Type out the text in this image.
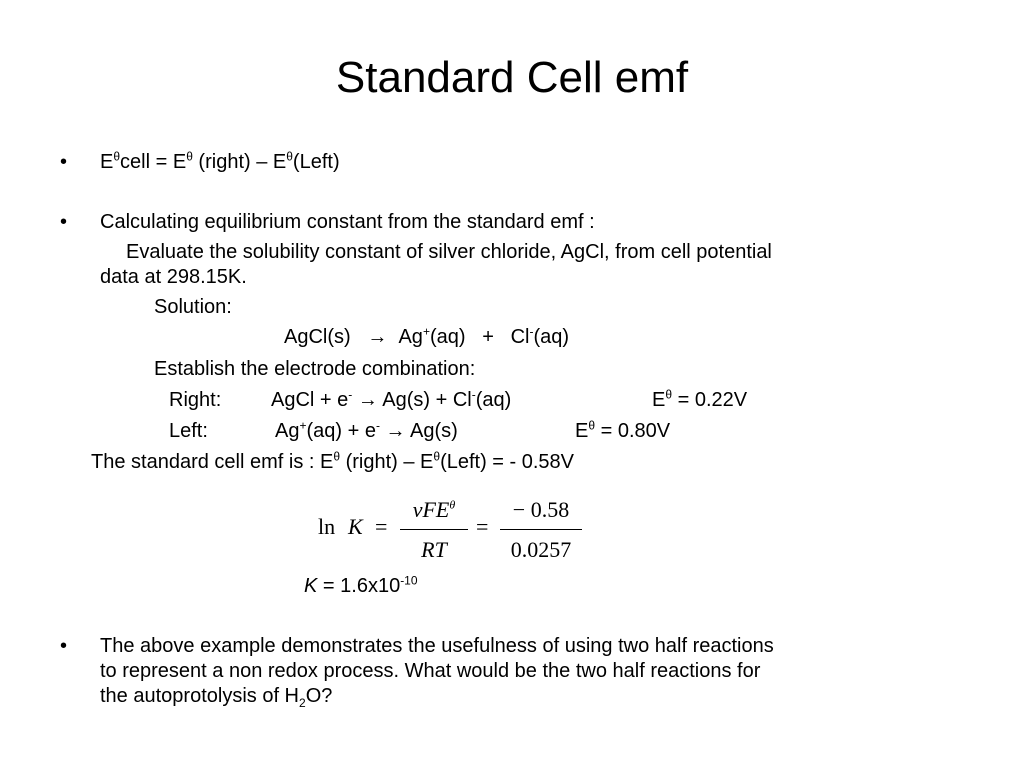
Standard Cell emf
• $E^\theta cell = E^\theta$ (right) – $E^\theta(Left)$
• Calculating equilibrium constant from the standard emf :
Evaluate the solubility constant of silver chloride, AgCl, from cell potential
data at 298.15K.
Solution:
AgCl(s) → Ag+(aq) + Cl-(aq)
Establish the electrode combination:
Right: AgCl + e- → Ag(s) + Cl-(aq)	$E^\theta = 0.22V$
Left:	Ag+(aq) + e- → Ag(s)	$E^\theta = 0.80V$
The standard cell emf is : $E^\theta$ (right) – $E^\theta(Left)$ = - 0.58V
ln K =
vFE$^\theta$
RT
=
− 0.58
0.0257
$K = 1.6x10^{-10}$
• The above example demonstrates the usefulness of using two half reactions
to represent a non redox process. What would be the two half reactions for
the autoprotolysis of $H_2O$?
